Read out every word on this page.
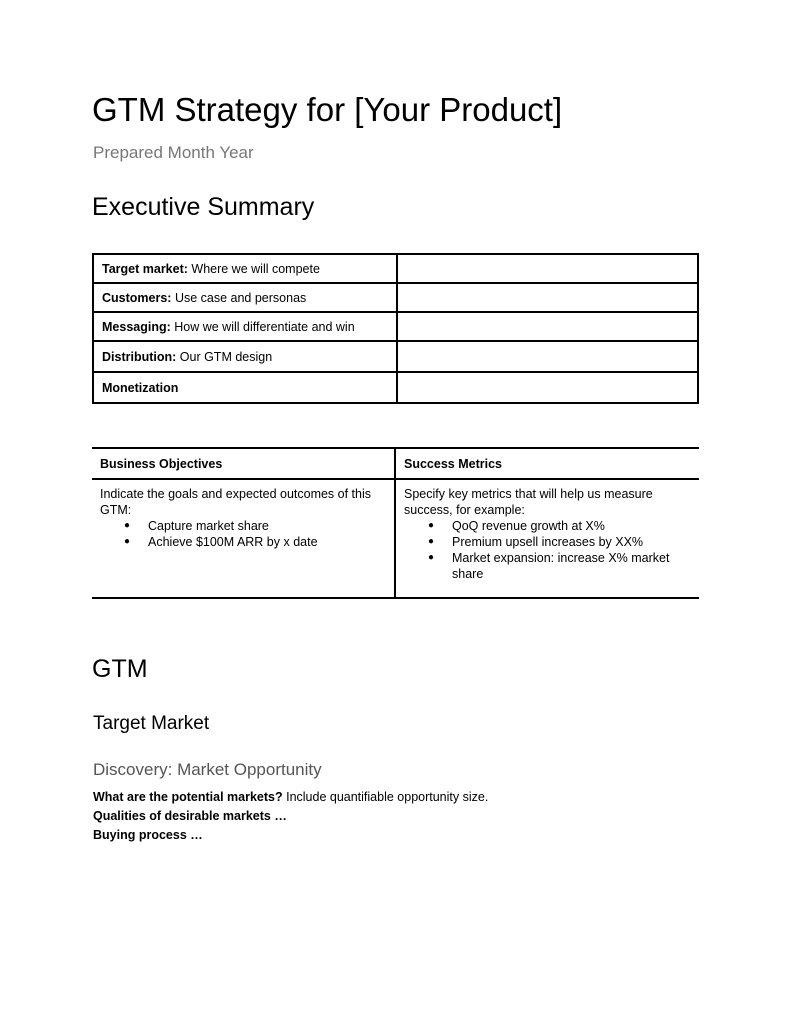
GTM Strategy for [Your Product]
Prepared Month Year
Executive Summary
Target market: Where we will compete	
Customers: Use case and personas	
Messaging: How we will differentiate and win	
Distribution: Our GTM design	
Monetization	
Business Objectives	Success Metrics

Indicate the goals and expected outcomes of this GTM:
● Capture market share
● Achieve $100M ARR by x date

Specify key metrics that will help us measure success, for example:
● QoQ revenue growth at X%
● Premium upsell increases by XX%
● Market expansion: increase X% market share
GTM
Target Market
Discovery: Market Opportunity
What are the potential markets? Include quantifiable opportunity size.
Qualities of desirable markets …
Buying process …
